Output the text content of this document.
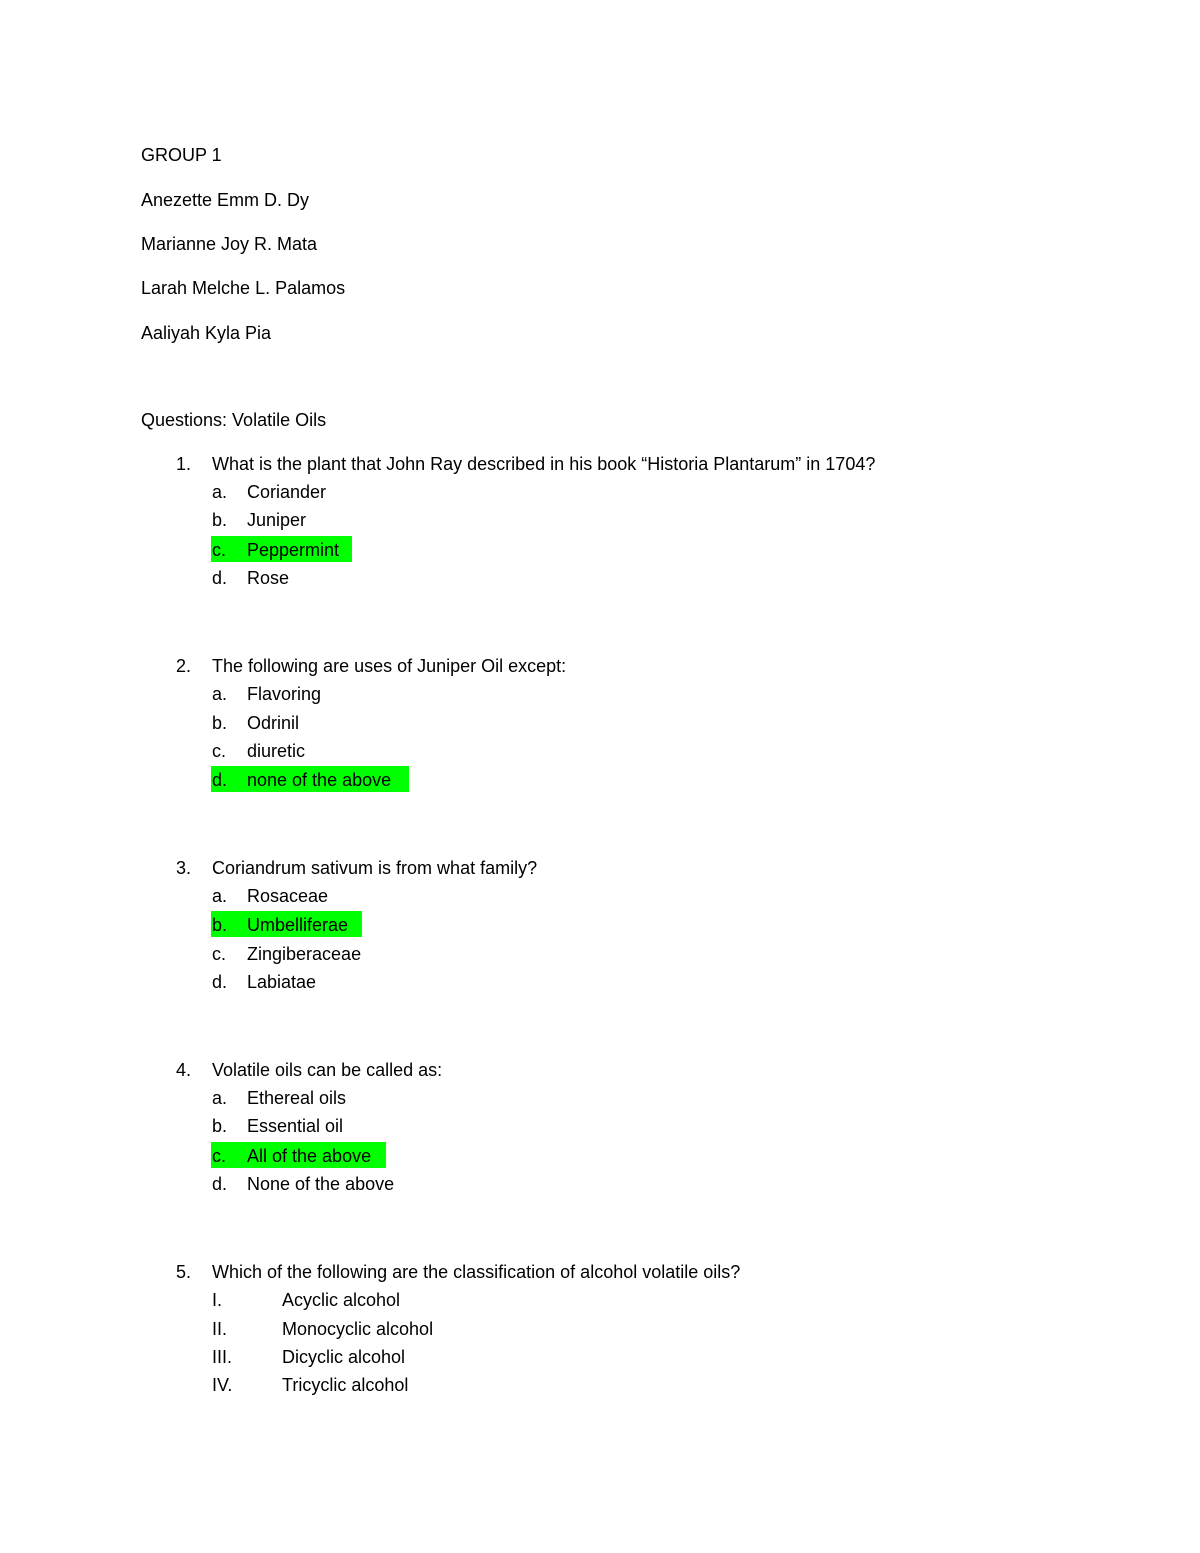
GROUP 1
Anezette Emm D. Dy
Marianne Joy R. Mata
Larah Melche L. Palamos
Aaliyah Kyla Pia
Questions: Volatile Oils
1. What is the plant that John Ray described in his book “Historia Plantarum” in 1704?
a. Coriander
b. Juniper
c. Peppermint
d. Rose
2. The following are uses of Juniper Oil except:
a. Flavoring
b. Odrinil
c. diuretic
d. none of the above
3. Coriandrum sativum is from what family?
a. Rosaceae
b. Umbelliferae
c. Zingiberaceae
d. Labiatae
4. Volatile oils can be called as:
a. Ethereal oils
b. Essential oil
c. All of the above
d. None of the above
5. Which of the following are the classification of alcohol volatile oils?
I.	Acyclic alcohol
II.	Monocyclic alcohol
III.	Dicyclic alcohol
IV.	Tricyclic alcohol
